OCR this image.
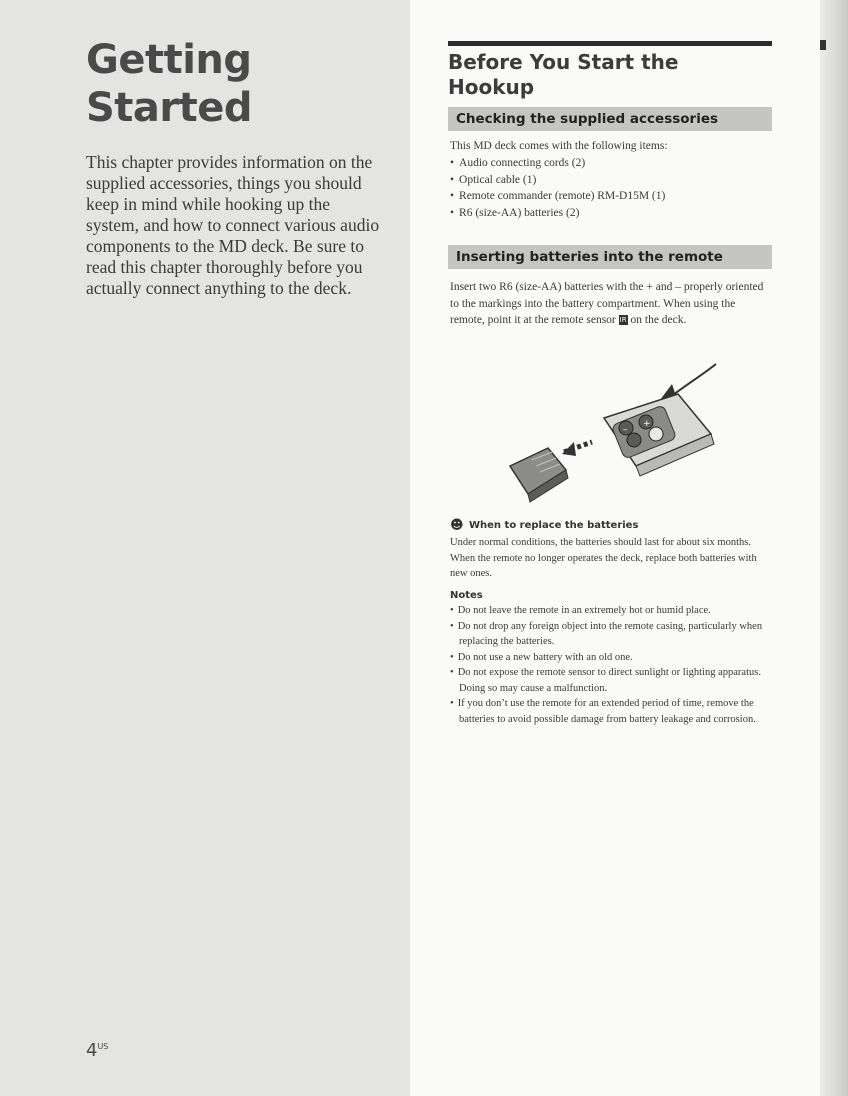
Getting Started

This chapter provides information on the supplied accessories, things you should keep in mind while hooking up the system, and how to connect various audio components to the MD deck. Be sure to read this chapter thoroughly before you actually connect anything to the deck.

$4^{US}$
Before You Start the Hookup
Checking the supplied accessories

This MD deck comes with the following items:

• Audio connecting cords (2)
• Optical cable (1)
• Remote commander (remote) RM-D15M (1)
• R6 (size-AA) batteries (2)
Inserting batteries into the remote

Insert two R6 (size-AA) batteries with the + and – properly oriented to the markings into the battery compartment. When using the remote, point it at the remote sensor IR on the deck.

+
–
☻ When to replace the batteries

Under normal conditions, the batteries should last for about six months. When the remote no longer operates the deck, replace both batteries with new ones.

Notes
• Do not leave the remote in an extremely hot or humid place.
• Do not drop any foreign object into the remote casing, particularly when replacing the batteries.
• Do not use a new battery with an old one.
• Do not expose the remote sensor to direct sunlight or lighting apparatus. Doing so may cause a malfunction.
• If you don’t use the remote for an extended period of time, remove the batteries to avoid possible damage from battery leakage and corrosion.
